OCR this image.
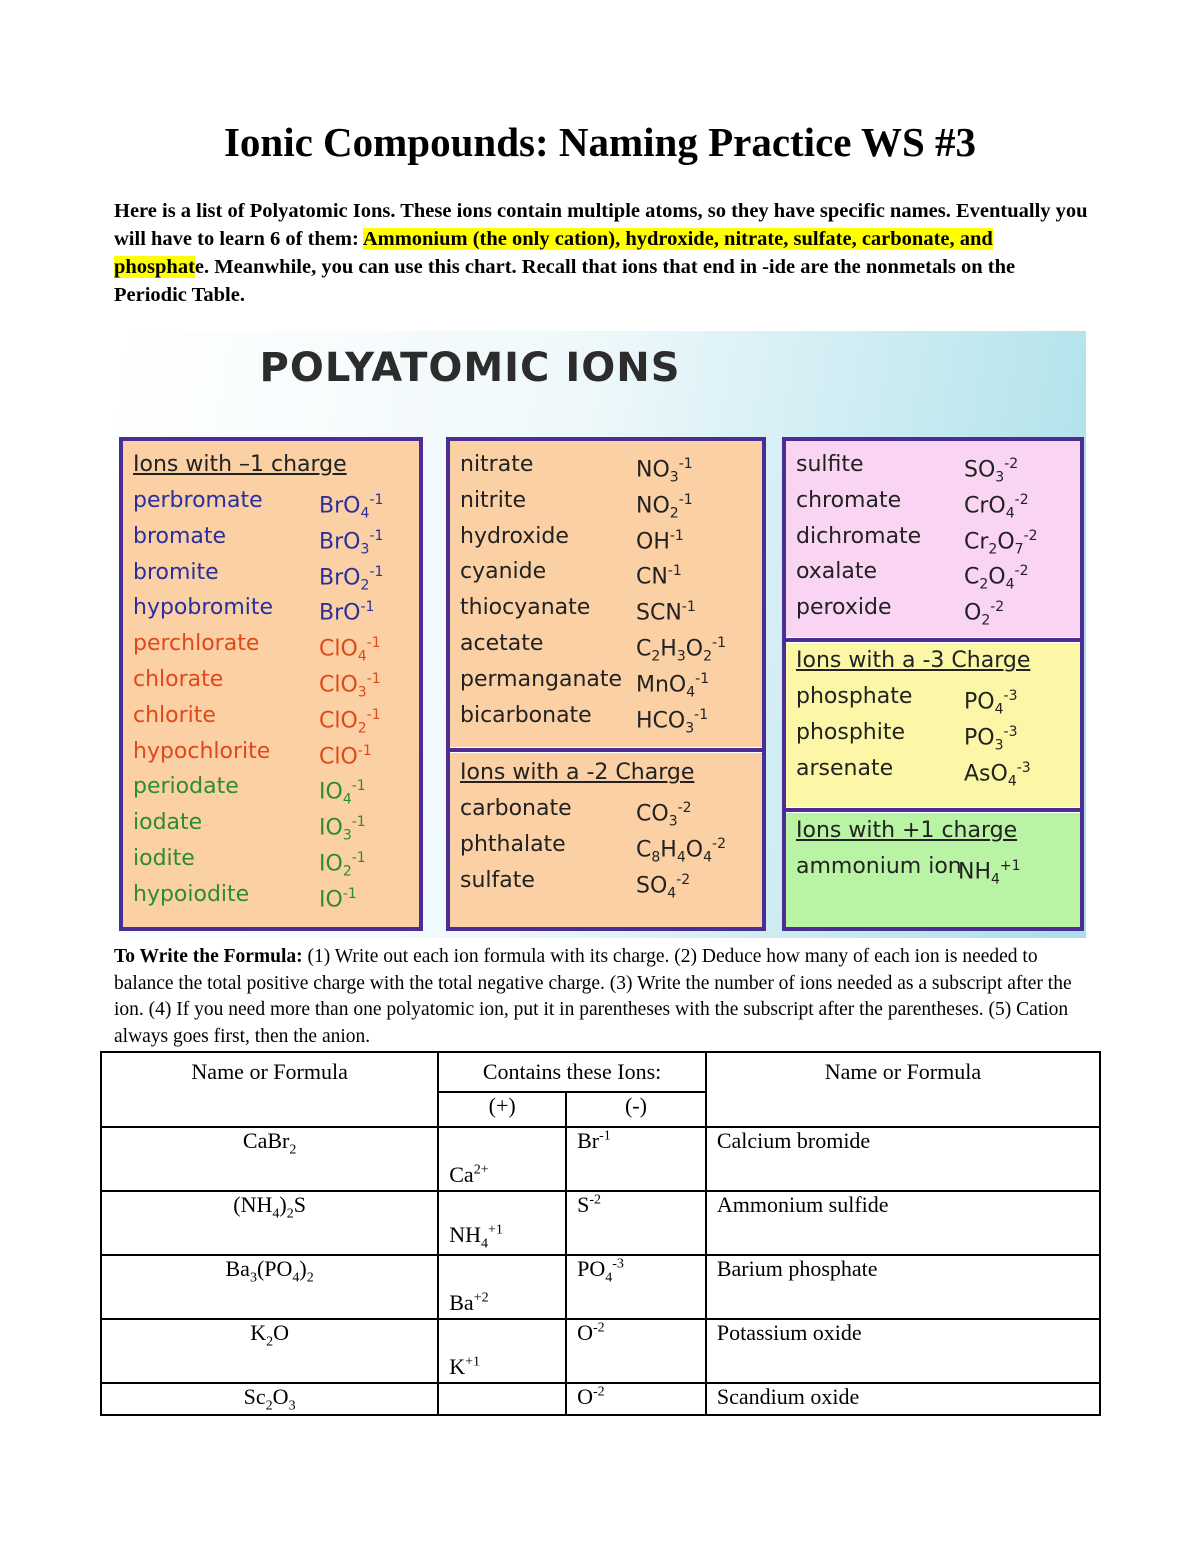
Ionic Compounds: Naming Practice WS #3
Here is a list of Polyatomic Ions. These ions contain multiple atoms, so they have specific names. Eventually you will have to learn 6 of them: Ammonium (the only cation), hydroxide, nitrate, sulfate, carbonate, and phosphate. Meanwhile, you can use this chart. Recall that ions that end in -ide are the nonmetals on the Periodic Table.
POLYATOMIC IONS
Ions with –1 charge
perbromate	BrO$_4^{-1}$
bromate	BrO$_3^{-1}$
bromite	BrO$_2^{-1}$
hypobromite BrO$^{-1}$
perchlorate	ClO$_4^{-1}$
chlorate	ClO$_3^{-1}$
chlorite	ClO$_2^{-1}$
hypochlorite ClO$^{-1}$
periodate	$IO_4^{-1}$
iodate	$IO_3^{-1}$
iodite	$IO_2^{-1}$
hypoiodite	$IO^{-1}$
nitrate	$NO_3^{-1}$
nitrite	$NO_2^{-1}$
hydroxide	$OH^{-1}$
cyanide	$CN^{-1}$
thiocyanate $SCN^{-1}$
acetate	$C_2H_3O_2^{-1}$
permanganate MnO$_4^{-1}$
bicarbonate $HCO_3^{-1}$
Ions with a -2 Charge
carbonate	$CO_3^{-2}$
phthalate	$C_8H_4O_4^{-2}$
sulfate	$SO_4^{-2}$
sulfite	$SO_3^{-2}$
chromate	CrO$_4^{-2}$
dichromate $Cr_2O_7^{-2}$
oxalate	$C_2O_4^{-2}$
peroxide	$O_2^{-2}$
Ions with a -3 Charge
phosphate $PO_4^{-3}$
phosphite	$PO_3^{-3}$
arsenate	AsO$_4^{-3}$
Ions with +1 charge
ammonium ion
$NH_4^{+1}$
To Write the Formula: (1) Write out each ion formula with its charge. (2) Deduce how many of each ion is needed to balance the total positive charge with the total negative charge. (3) Write the number of ions needed as a subscript after the ion. (4) If you need more than one polyatomic ion, put it in parentheses with the subscript after the parentheses. (5) Cation always goes first, then the anion.
Name or Formula	Contains these Ions:		Name or Formula
	(+)	(-)	
CaBr$_2$	$Ca^{2+}$	$Br^{-1}$	Calcium bromide
$(NH_4)_2S$	$NH_4^{+1}$	$S^{-2}$	Ammonium sulfide
$Ba_3(PO_4)_2$	$Ba^{+2}$	$PO_4^{-3}$	Barium phosphate
$K_2O$	$K^{+1}$	$O^{-2}$	Potassium oxide
$Sc_2O_3$		$O^{-2}$	Scandium oxide
